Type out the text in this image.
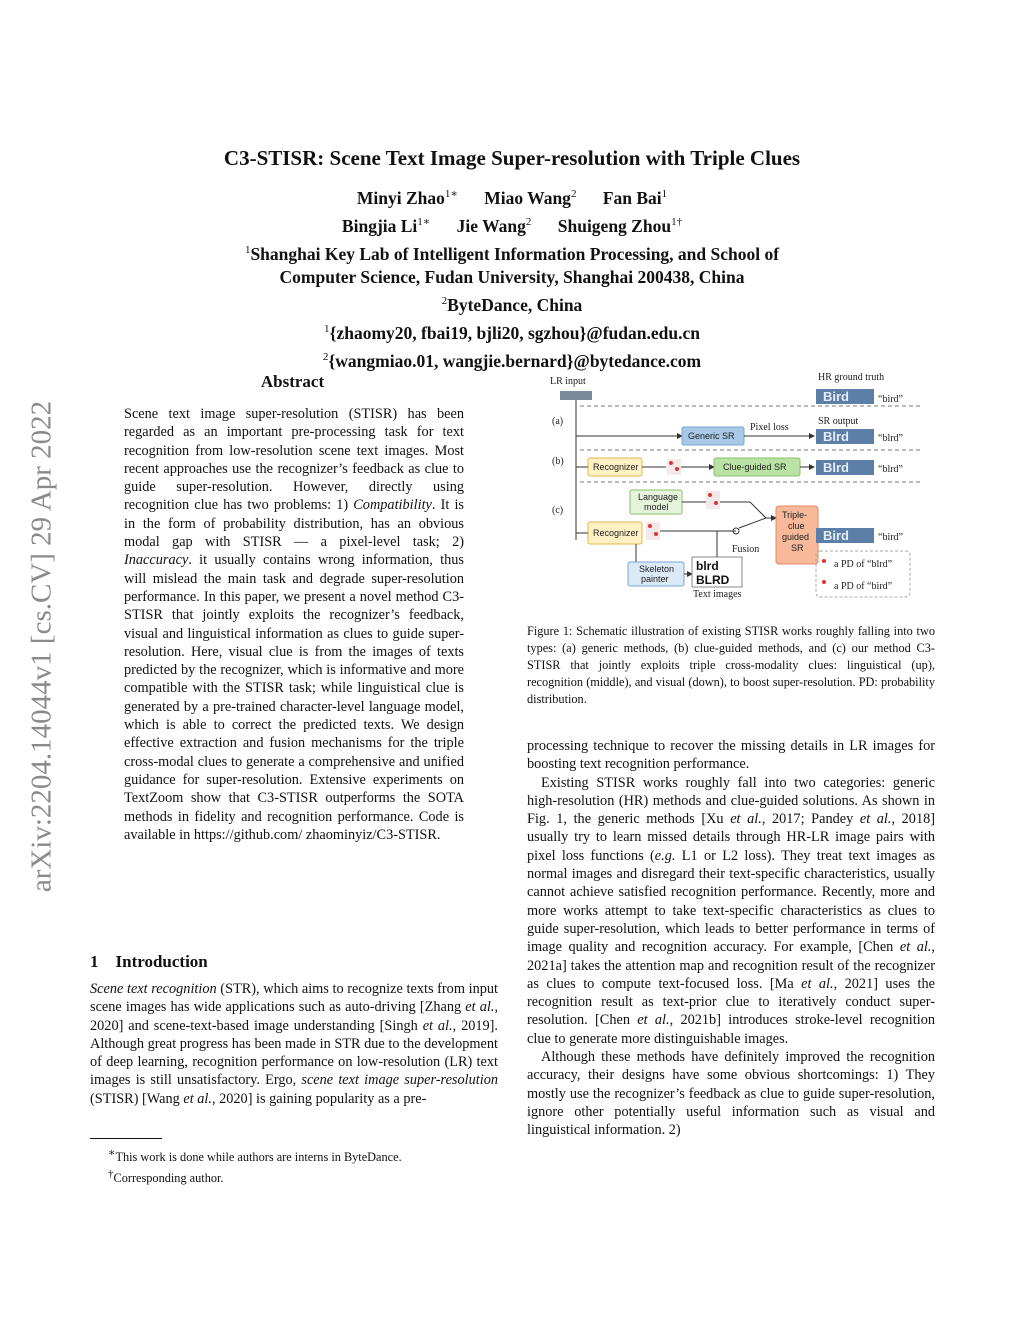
arXiv:2204.14044v1 [cs.CV] 29 Apr 2022
C3-STISR: Scene Text Image Super-resolution with Triple Clues
Minyi Zhao$^{1∗}$ Miao Wang$^2$ Fan Bai$^1$
Bingjia $Li^{1∗}$ Jie Wang$^2$ Shuigeng Zhou$^{1\dagger}$
$^1$Shanghai Key Lab of Intelligent Information Processing, and School of
Computer Science, Fudan University, Shanghai 200438, China
$^2$ByteDance, China
$^1${zhaomy20, fbai19, bjli20, sgzhou}@fudan.edu.cn
$^2${wangmiao.01, wangjie.bernard}@bytedance.com
Abstract
Scene text image super-resolution (STISR) has been regarded as an important pre-processing task for text recognition from low-resolution scene text images. Most recent approaches use the recognizer’s feedback as clue to guide super-resolution. However, directly using recognition clue has two problems: 1) Compatibility. It is in the form of probability distribution, has an obvious modal gap with STISR — a pixel-level task; 2) Inaccuracy. it usually contains wrong information, thus will mislead the main task and degrade super-resolution performance. In this paper, we present a novel method C3-STISR that jointly exploits the recognizer’s feedback, visual and linguistical information as clues to guide super-resolution. Here, visual clue is from the images of texts predicted by the recognizer, which is informative and more compatible with the STISR task; while linguistical clue is generated by a pre-trained character-level language model, which is able to correct the predicted texts. We design effective extraction and fusion mechanisms for the triple cross-modal clues to generate a comprehensive and unified guidance for super-resolution. Extensive experiments on TextZoom show that C3-STISR outperforms the SOTA methods in fidelity and recognition performance. Code is available in https://github.com/ zhaominyiz/C3-STISR.
1    Introduction
Scene text recognition (STR), which aims to recognize texts from input scene images has wide applications such as auto-driving [Zhang et al., 2020] and scene-text-based image understanding [Singh et al., 2019]. Although great progress has been made in STR due to the development of deep learning, recognition performance on low-resolution (LR) text images is still unsatisfactory. Ergo, scene text image super-resolution (STISR) [Wang et al., 2020] is gaining popularity as a pre-
∗This work is done while authors are interns in ByteDance.
†Corresponding author.
LR input	HR ground truth
Bird	“bird”
(a)
Generic SR
Pixel loss
SR output
Blrd	“blrd”
(b)	Recognizer	Clue-guided SR	Blrd	“blrd”
(c)
Language
model
Recognizer
Fusion
Triple-
clue
guided
SR
Bird	“bird”
Skeleton
painter
blrd
BLRD
Text images
a PD of “blrd”
a PD of “bird”
Figure 1: Schematic illustration of existing STISR works roughly falling into two types: (a) generic methods, (b) clue-guided methods, and (c) our method C3-STISR that jointly exploits triple cross-modality clues: linguistical (up), recognition (middle), and visual (down), to boost super-resolution. PD: probability distribution.

processing technique to recover the missing details in LR images for boosting text recognition performance.

Existing STISR works roughly fall into two categories: generic high-resolution (HR) methods and clue-guided solutions. As shown in Fig. 1, the generic methods [Xu et al., 2017; Pandey et al., 2018] usually try to learn missed details through HR-LR image pairs with pixel loss functions (e.g. L1 or L2 loss). They treat text images as normal images and disregard their text-specific characteristics, usually cannot achieve satisfied recognition performance. Recently, more and more works attempt to take text-specific characteristics as clues to guide super-resolution, which leads to better performance in terms of image quality and recognition accuracy. For example, [Chen et al., 2021a] takes the attention map and recognition result of the recognizer as clues to compute text-focused loss. [Ma et al., 2021] uses the recognition result as text-prior clue to iteratively conduct super-resolution. [Chen et al., 2021b] introduces stroke-level recognition clue to generate more distinguishable images.

Although these methods have definitely improved the recognition accuracy, their designs have some obvious shortcomings: 1) They mostly use the recognizer’s feedback as clue to guide super-resolution, ignore other potentially useful information such as visual and linguistical information. 2)
